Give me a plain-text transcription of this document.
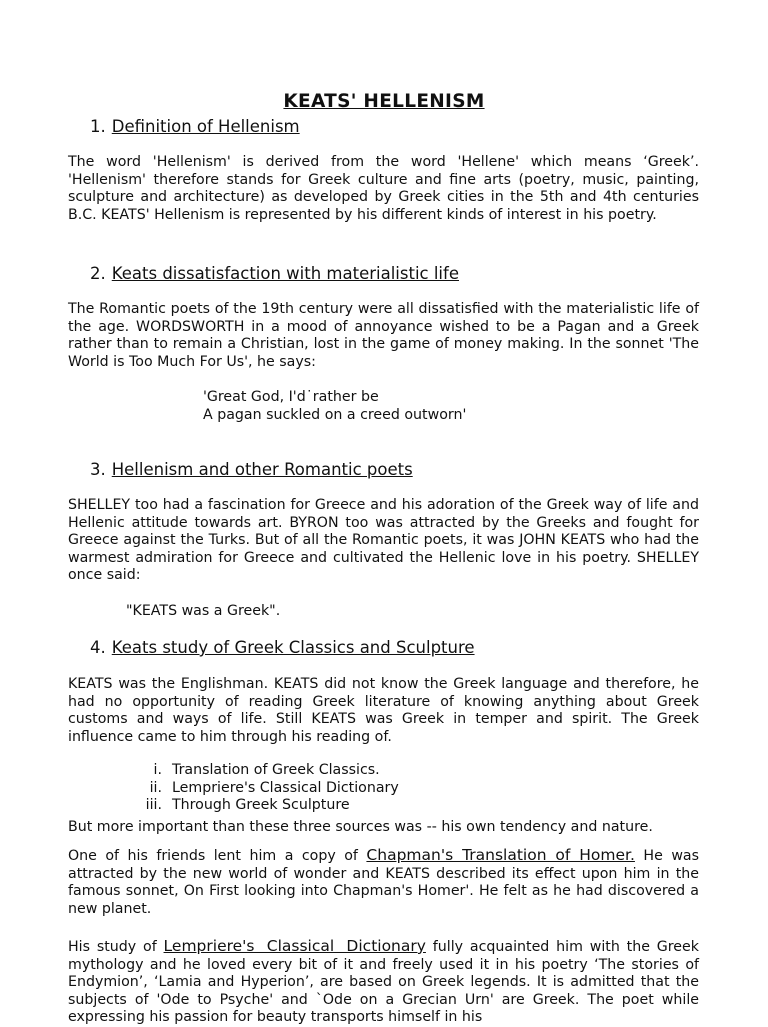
KEATS' HELLENISM
1. Definition of Hellenism

The word 'Hellenism' is derived from the word 'Hellene' which means ‘Greek’. 'Hellenism' therefore stands for Greek culture and fine arts (poetry, music, painting, sculpture and architecture) as developed by Greek cities in the 5th and 4th centuries B.C. KEATS' Hellenism is represented by his different kinds of interest in his poetry.

2. Keats dissatisfaction with materialistic life

The Romantic poets of the 19th century were all dissatisfied with the materialistic life of the age. WORDSWORTH in a mood of annoyance wished to be a Pagan and a Greek rather than to remain a Christian, lost in the game of money making. In the sonnet 'The World is Too Much For Us', he says:

'Great God, I'd˙rather be
A pagan suckled on a creed outworn'
3. Hellenism and other Romantic poets

SHELLEY too had a fascination for Greece and his adoration of the Greek way of life and Hellenic attitude towards art. BYRON too was attracted by the Greeks and fought for Greece against the Turks. But of all the Romantic poets, it was JOHN KEATS who had the warmest admiration for Greece and cultivated the Hellenic love in his poetry. SHELLEY once said:

"KEATS was a Greek".
4. Keats study of Greek Classics and Sculpture

KEATS was the Englishman. KEATS did not know the Greek language and therefore, he had no opportunity of reading Greek literature of knowing anything about Greek customs and ways of life. Still KEATS was Greek in temper and spirit. The Greek influence came to him through his reading of.

i. Translation of Greek Classics.
ii. Lempriere's Classical Dictionary
iii. Through Greek Sculpture
But more important than these three sources was -- his own tendency and nature.

One of his friends lent him a copy of Chapman's Translation of Homer. He was attracted by the new world of wonder and KEATS described its effect upon him in the famous sonnet, On First looking into Chapman's Homer'. He felt as he had discovered a new planet.

His study of Lempriere's Classical Dictionary fully acquainted him with the Greek mythology and he loved every bit of it and freely used it in his poetry ‘The stories of Endymion’, ‘Lamia and Hyperion’, are based on Greek legends. It is admitted that the subjects of 'Ode to Psyche' and `Ode on a Grecian Urn' are Greek. The poet while expressing his passion for beauty transports himself in his
